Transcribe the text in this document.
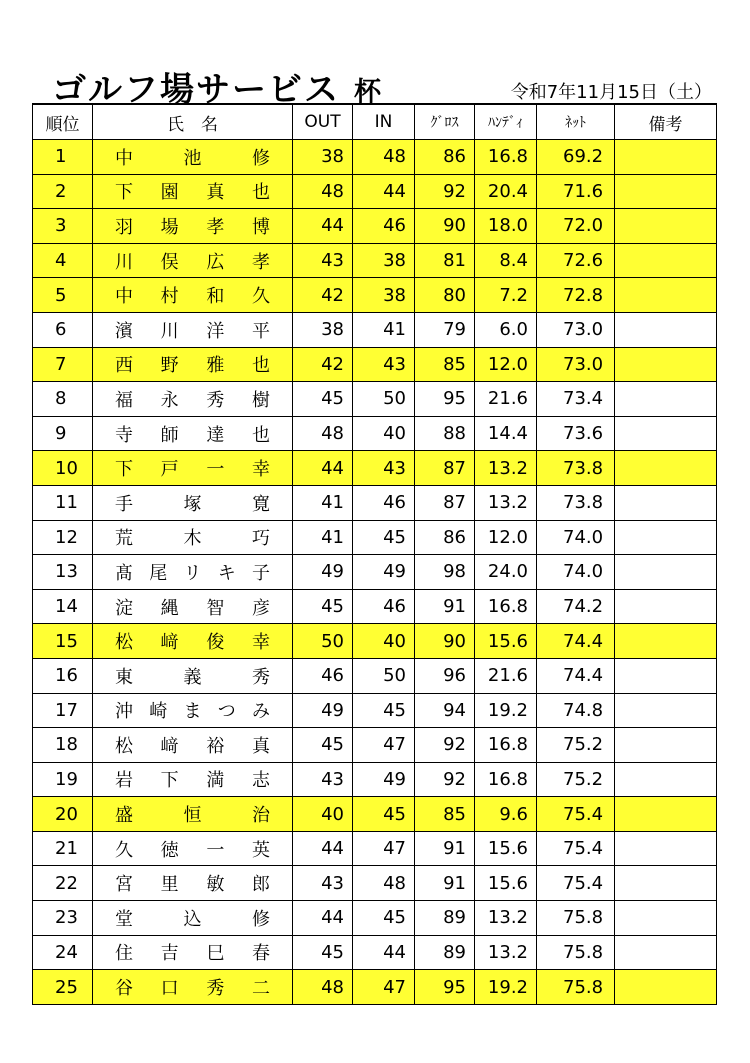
ゴルフ場サービス 杯	令和7年11月15日（土）
順位	氏　名	OUT	IN	ｸﾞﾛｽ	ﾊﾝﾃﾞｨ	ﾈｯﾄ	備考
1	中 池 修	38	48	86	16.8	69.2	
2	下 園 真 也	48	44	92	20.4	71.6	
3	羽 場 孝 博	44	46	90	18.0	72.0	
4	川 俣 広 孝	43	38	81	8.4	72.6	
5	中 村 和 久	42	38	80	7.2	72.8	
6	濱 川 洋 平	38	41	79	6.0	73.0	
7	西 野 雅 也	42	43	85	12.0	73.0	
8	福 永 秀 樹	45	50	95	21.6	73.4	
9	寺 師 達 也	48	40	88	14.4	73.6	
10	下 戸 一 幸	44	43	87	13.2	73.8	
11	手 塚 寛	41	46	87	13.2	73.8	
12	荒 木 巧	41	45	86	12.0	74.0	
13	髙 尾 リ キ 子	49	49	98	24.0	74.0	
14	淀 縄 智 彦	45	46	91	16.8	74.2	
15	松 﨑 俊 幸	50	40	90	15.6	74.4	
16	東 義 秀	46	50	96	21.6	74.4	
17	沖 崎 ま つ み	49	45	94	19.2	74.8	
18	松 﨑 裕 真	45	47	92	16.8	75.2	
19	岩 下 満 志	43	49	92	16.8	75.2	
20	盛 恒 治	40	45	85	9.6	75.4	
21	久 徳 一 英	44	47	91	15.6	75.4	
22	宮 里 敏 郎	43	48	91	15.6	75.4	
23	堂 込 修	44	45	89	13.2	75.8	
24	住 吉 巳 春	45	44	89	13.2	75.8	
25	谷 口 秀 二	48	47	95	19.2	75.8	
